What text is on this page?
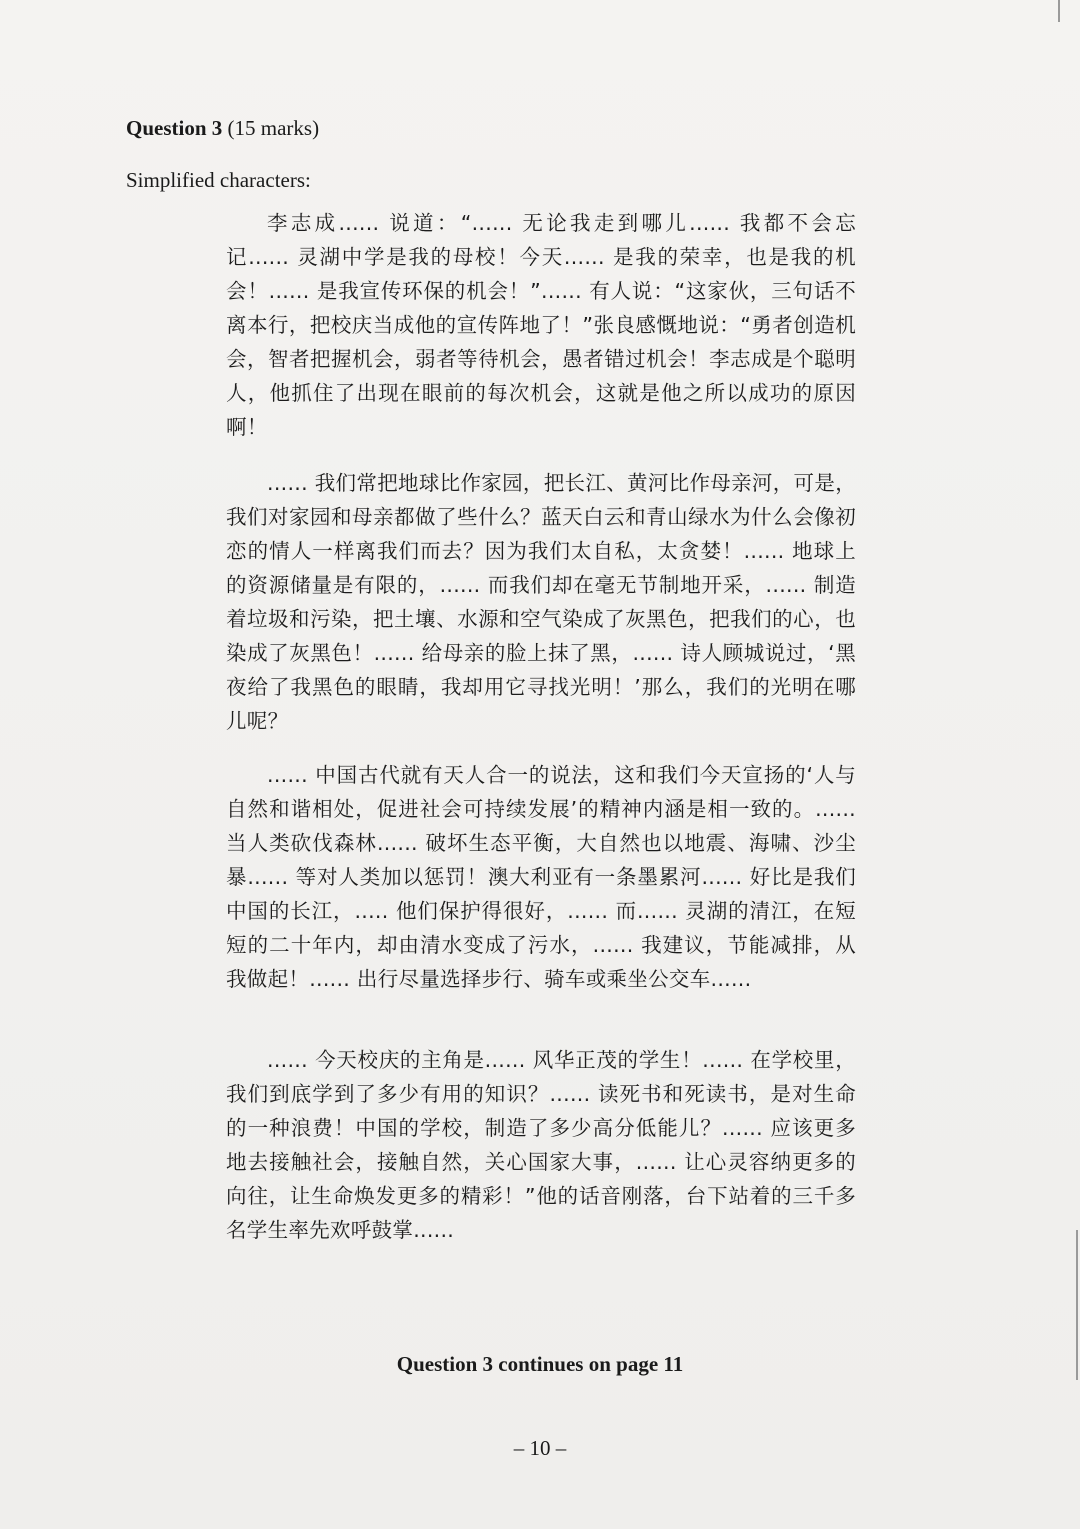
Question 3 (15 marks)
Simplified characters:

李志成...... 说道：“...... 无论我走到哪儿...... 我都不会忘记...... 灵湖中学是我的母校！今天...... 是我的荣幸，也是我的机会！...... 是我宣传环保的机会！”...... 有人说：“这家伙，三句话不离本行，把校庆当成他的宣传阵地了！”张良感慨地说：“勇者创造机会，智者把握机会，弱者等待机会，愚者错过机会！李志成是个聪明人，他抓住了出现在眼前的每次机会，这就是他之所以成功的原因啊！

...... 我们常把地球比作家园，把长江、黄河比作母亲河，可是，我们对家园和母亲都做了些什么？蓝天白云和青山绿水为什么会像初恋的情人一样离我们而去？因为我们太自私，太贪婪！...... 地球上的资源储量是有限的，...... 而我们却在毫无节制地开采，...... 制造着垃圾和污染，把土壤、水源和空气染成了灰黑色，把我们的心，也染成了灰黑色！...... 给母亲的脸上抹了黑，...... 诗人顾城说过，‘黑夜给了我黑色的眼睛，我却用它寻找光明！’那么，我们的光明在哪儿呢？

...... 中国古代就有天人合一的说法，这和我们今天宣扬的‘人与自然和谐相处，促进社会可持续发展’的精神内涵是相一致的。...... 当人类砍伐森林...... 破坏生态平衡，大自然也以地震、海啸、沙尘暴...... 等对人类加以惩罚！澳大利亚有一条墨累河...... 好比是我们中国的长江，..... 他们保护得很好，...... 而...... 灵湖的清江，在短短的二十年内，却由清水变成了污水，...... 我建议，节能减排，从我做起！...... 出行尽量选择步行、骑车或乘坐公交车......

...... 今天校庆的主角是...... 风华正茂的学生！...... 在学校里，我们到底学到了多少有用的知识？...... 读死书和死读书，是对生命的一种浪费！中国的学校，制造了多少高分低能儿？...... 应该更多地去接触社会，接触自然，关心国家大事，...... 让心灵容纳更多的向往，让生命焕发更多的精彩！”他的话音刚落，台下站着的三千多名学生率先欢呼鼓掌......

Question 3 continues on page 11
– 10 –
